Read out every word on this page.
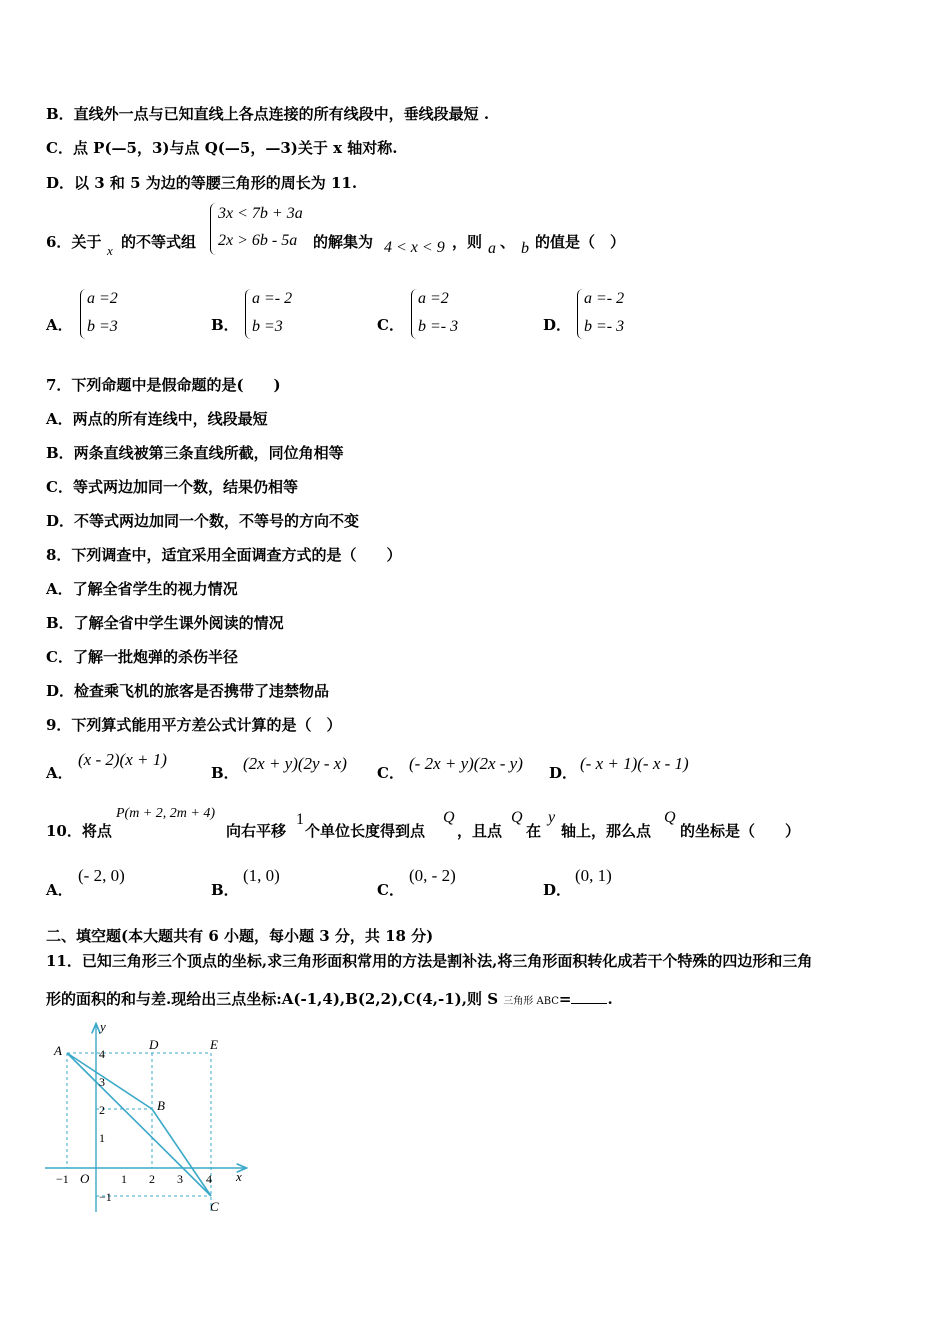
B．直线外一点与已知直线上各点连接的所有线段中，垂线段最短 .
C．点 P(—5，3)与点 Q(—5，—3)关于 x 轴对称.
D．以 3 和 5 为边的等腰三角形的周长为 11.
6．关于 x 的不等式组
3x < 7b + 3a
2x > 6b - 5a 的解集为 4 < x < 9 ，则 a 、 b 的值是（　）
A．
a =2
b =3	B．
a =- 2
b =3	C．
a =2
b =- 3	D．
a =- 2
b =- 3
7．下列命题中是假命题的是(　　)
A．两点的所有连线中，线段最短
B．两条直线被第三条直线所截，同位角相等
C．等式两边加同一个数，结果仍相等
D．不等式两边加同一个数，不等号的方向不变
8．下列调查中，适宜采用全面调查方式的是（　　）
A．了解全省学生的视力情况
B．了解全省中学生课外阅读的情况
C．了解一批炮弹的杀伤半径
D．检查乘飞机的旅客是否携带了违禁物品
9．下列算式能用平方差公式计算的是（　）
A．
(x - 2)(x + 1)
B． (2x + y)(2y - x) C． (- 2x + y)(2x - y) D． (- x + 1)(- x - 1)
10．将点
P(m + 2, 2m + 4)
向右平移
1
个单位长度得到点
Q
，且点
Q
在
y
轴上，那么点
Q
的坐标是（　　）
A．
(- 2, 0)
B．
(1, 0)
C．
(0, - 2)
D．
(0, 1)
二、填空题(本大题共有 6 小题，每小题 3 分，共 18 分)
11．已知三角形三个顶点的坐标,求三角形面积常用的方法是割补法,将三角形面积转化成若干个特殊的四边形和三角
形的面积的和与差.现给出三点坐标:A(-1,4),B(2,2),C(4,-1),则 S 三角形 ABC= .
−1	1 2 3 4
4
3
2
1
−1
O	x
y
A
B
C
D	E
